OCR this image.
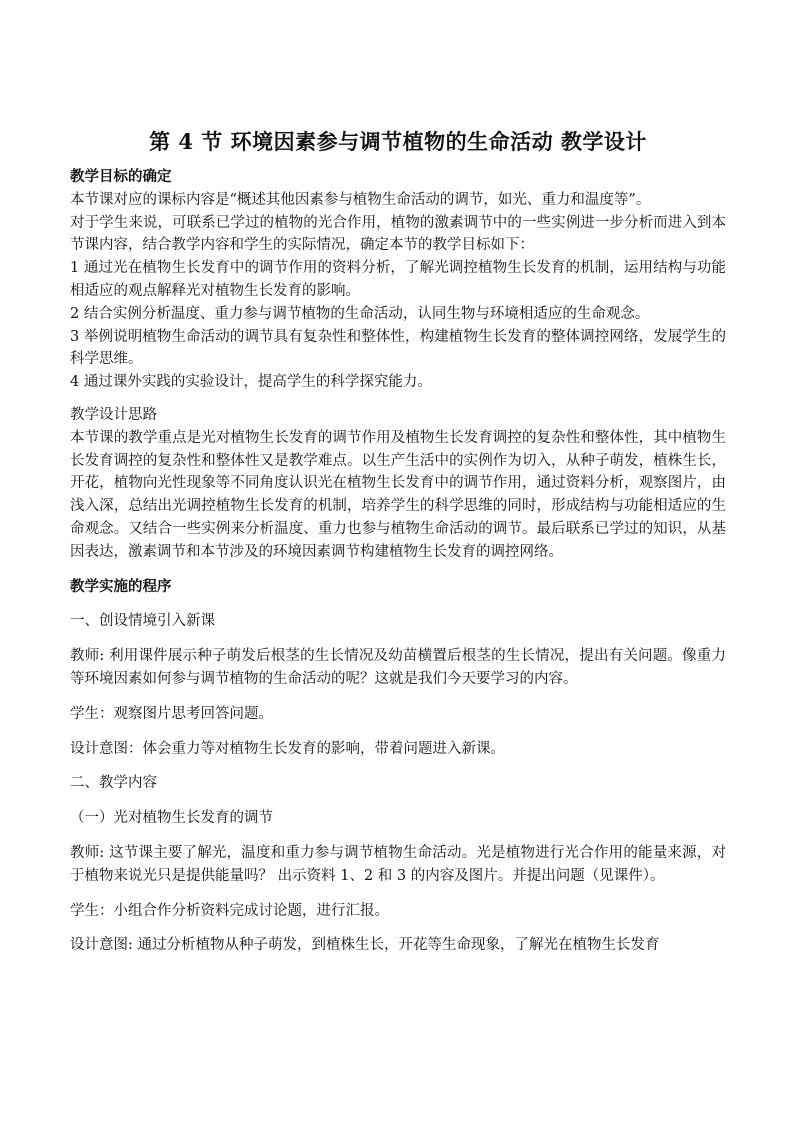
第 4 节 环境因素参与调节植物的生命活动 教学设计

教学目标的确定

本节课对应的课标内容是“概述其他因素参与植物生命活动的调节，如光、重力和温度等”。

对于学生来说，可联系已学过的植物的光合作用，植物的激素调节中的一些实例进一步分析而进入到本节课内容，结合教学内容和学生的实际情况，确定本节的教学目标如下：

1 通过光在植物生长发育中的调节作用的资料分析，了解光调控植物生长发育的机制，运用结构与功能相适应的观点解释光对植物生长发育的影响。

2 结合实例分析温度、重力参与调节植物的生命活动，认同生物与环境相适应的生命观念。

3 举例说明植物生命活动的调节具有复杂性和整体性，构建植物生长发育的整体调控网络，发展学生的科学思维。

4 通过课外实践的实验设计，提高学生的科学探究能力。

教学设计思路

本节课的教学重点是光对植物生长发育的调节作用及植物生长发育调控的复杂性和整体性，其中植物生长发育调控的复杂性和整体性又是教学难点。以生产生活中的实例作为切入，从种子萌发，植株生长，开花，植物向光性现象等不同角度认识光在植物生长发育中的调节作用，通过资料分析，观察图片，由浅入深，总结出光调控植物生长发育的机制，培养学生的科学思维的同时，形成结构与功能相适应的生命观念。又结合一些实例来分析温度、重力也参与植物生命活动的调节。最后联系已学过的知识，从基因表达，激素调节和本节涉及的环境因素调节构建植物生长发育的调控网络。

教学实施的程序

一、创设情境引入新课

教师: 利用课件展示种子萌发后根茎的生长情况及幼苗横置后根茎的生长情况，提出有关问题。像重力等环境因素如何参与调节植物的生命活动的呢？这就是我们今天要学习的内容。

学生：观察图片思考回答问题。

设计意图：体会重力等对植物生长发育的影响，带着问题进入新课。

二、教学内容

（一）光对植物生长发育的调节

教师: 这节课主要了解光，温度和重力参与调节植物生命活动。光是植物进行光合作用的能量来源，对于植物来说光只是提供能量吗？ 出示资料 1、2 和 3 的内容及图片。并提出问题（见课件）。

学生：小组合作分析资料完成讨论题，进行汇报。

设计意图: 通过分析植物从种子萌发，到植株生长，开花等生命现象，了解光在植物生长发育
